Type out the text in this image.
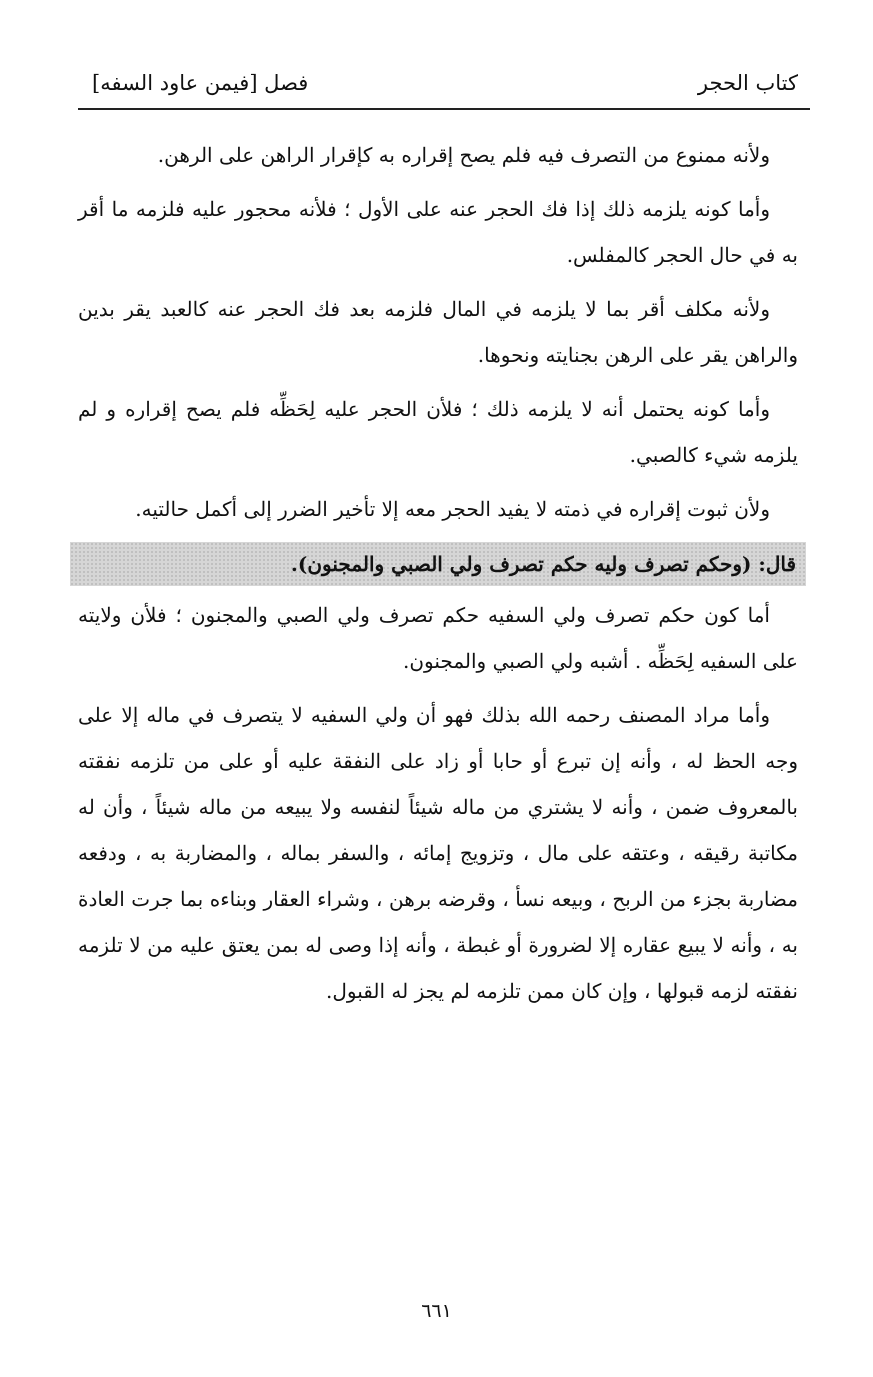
كتاب الحجر
فصل [فيمن عاود السفه]

ولأنه ممنوع من التصرف فيه فلم يصح إقراره به كإقرار الراهن على الرهن.

وأما كونه يلزمه ذلك إذا فك الحجر عنه على الأول ؛ فلأنه محجور عليه فلزمه ما أقر به في حال الحجر كالمفلس.

ولأنه مكلف أقر بما لا يلزمه في المال فلزمه بعد فك الحجر عنه كالعبد يقر بدين والراهن يقر على الرهن بجنايته ونحوها.

وأما كونه يحتمل أنه لا يلزمه ذلك ؛ فلأن الحجر عليه لِحَظِّه فلم يصح إقراره و لم يلزمه شيء كالصبي.

ولأن ثبوت إقراره في ذمته لا يفيد الحجر معه إلا تأخير الضرر إلى أكمل حالتيه.

قال: (وحكم تصرف وليه حكم تصرف ولي الصبي والمجنون).

أما كون حكم تصرف ولي السفيه حكم تصرف ولي الصبي والمجنون ؛ فلأن ولايته على السفيه لِحَظِّه . أشبه ولي الصبي والمجنون.

وأما مراد المصنف رحمه الله بذلك فهو أن ولي السفيه لا يتصرف في ماله إلا على وجه الحظ له ، وأنه إن تبرع أو حابا أو زاد على النفقة عليه أو على من تلزمه نفقته بالمعروف ضمن ، وأنه لا يشتري من ماله شيئاً لنفسه ولا يبيعه من ماله شيئاً ، وأن له مكاتبة رقيقه ، وعتقه على مال ، وتزويج إمائه ، والسفر بماله ، والمضاربة به ، ودفعه مضاربة بجزء من الربح ، وبيعه نسأ ، وقرضه برهن ، وشراء العقار وبناءه بما جرت العادة به ، وأنه لا يبيع عقاره إلا لضرورة أو غبطة ، وأنه إذا وصى له بمن يعتق عليه من لا تلزمه نفقته لزمه قبولها ، وإن كان ممن تلزمه لم يجز له القبول.

٦٦١
